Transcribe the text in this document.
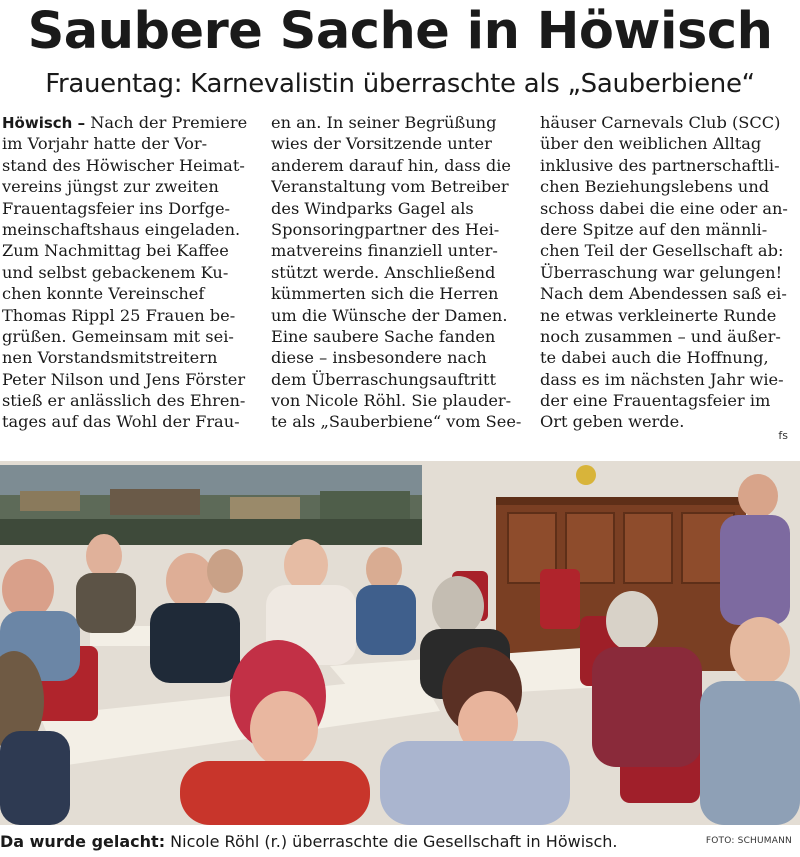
Saubere Sache in Höwisch
Frauentag: Karnevalistin überraschte als „Sauberbiene“
Höwisch – Nach der Premiere
im Vorjahr hatte der Vor-
stand des Höwischer Heimat-
vereins jüngst zur zweiten
Frauentagsfeier ins Dorfge-
meinschaftshaus eingeladen.
Zum Nachmittag bei Kaffee
und selbst gebackenem Ku-
chen konnte Vereinschef
Thomas Rippl 25 Frauen be-
grüßen. Gemeinsam mit sei-
nen Vorstandsmitstreitern
Peter Nilson und Jens Förster
stieß er anlässlich des Ehren-
tages auf das Wohl der Frau-
en an. In seiner Begrüßung
wies der Vorsitzende unter
anderem darauf hin, dass die
Veranstaltung vom Betreiber
des Windparks Gagel als
Sponsoringpartner des Hei-
matvereins finanziell unter-
stützt werde. Anschließend
kümmerten sich die Herren
um die Wünsche der Damen.
Eine saubere Sache fanden
diese – insbesondere nach
dem Überraschungsauftritt
von Nicole Röhl. Sie plauder-
te als „Sauberbiene“ vom See-
häuser Carnevals Club (SCC)
über den weiblichen Alltag
inklusive des partnerschaftli-
chen Beziehungslebens und
schoss dabei die eine oder an-
dere Spitze auf den männli-
chen Teil der Gesellschaft ab:
Überraschung war gelungen!
Nach dem Abendessen saß ei-
ne etwas verkleinerte Runde
noch zusammen – und äußer-
te dabei auch die Hoffnung,
dass es im nächsten Jahr wie-
der eine Frauentagsfeier im
Ort geben werde.
fs
Da wurde gelacht: Nicole Röhl (r.) überraschte die Gesellschaft in Höwisch.	FOTO: SCHUMANN
